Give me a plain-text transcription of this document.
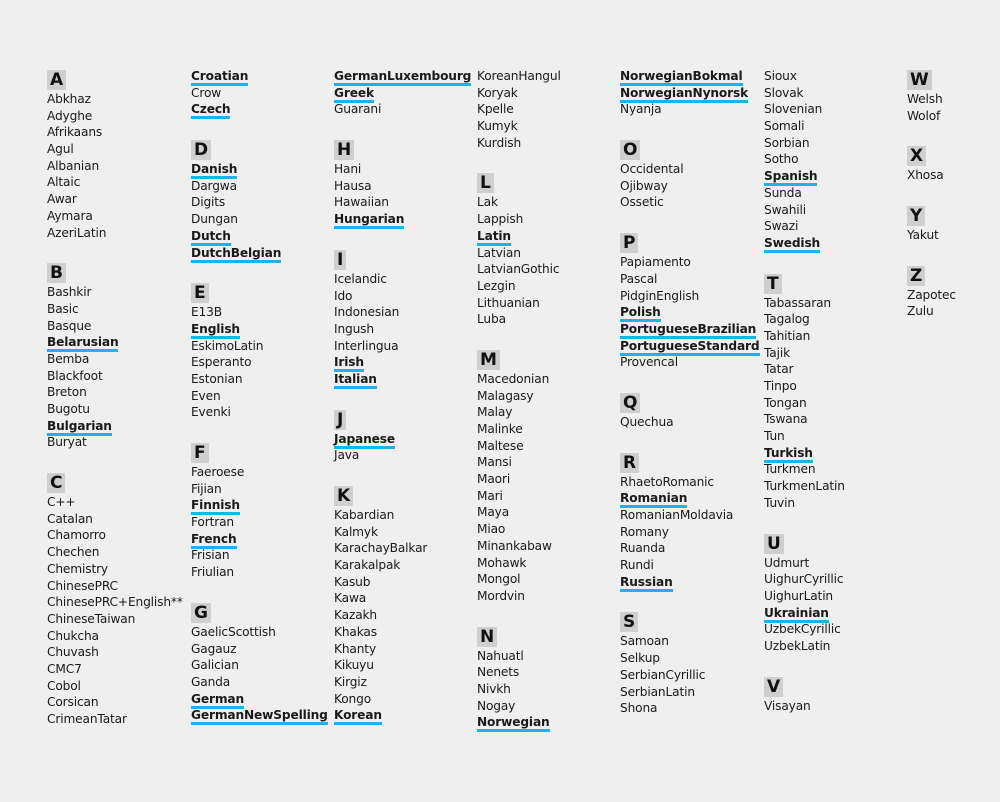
A
Abkhaz
Adyghe
Afrikaans
Agul
Albanian
Altaic
Awar
Aymara
AzeriLatin
B
Bashkir
Basic
Basque
Belarusian
Bemba
Blackfoot
Breton
Bugotu
Bulgarian
Buryat
C
C++
Catalan
Chamorro
Chechen
Chemistry
ChinesePRC
ChinesePRC+English**
ChineseTaiwan
Chukcha
Chuvash
CMC7
Cobol
Corsican
CrimeanTatar
Croatian
Crow
Czech
D
Danish
Dargwa
Digits
Dungan
Dutch
DutchBelgian
E
E13B
English
EskimoLatin
Esperanto
Estonian
Even
Evenki
F
Faeroese
Fijian
Finnish
Fortran
French
Frisian
Friulian
G
GaelicScottish
Gagauz
Galician
Ganda
German
GermanNewSpelling
GermanLuxembourg
Greek
Guarani
H
Hani
Hausa
Hawaiian
Hungarian
I
Icelandic
Ido
Indonesian
Ingush
Interlingua
Irish
Italian
J
Japanese
Java
K
Kabardian
Kalmyk
KarachayBalkar
Karakalpak
Kasub
Kawa
Kazakh
Khakas
Khanty
Kikuyu
Kirgiz
Kongo
Korean
KoreanHangul
Koryak
Kpelle
Kumyk
Kurdish
L
Lak
Lappish
Latin
Latvian
LatvianGothic
Lezgin
Lithuanian
Luba
M
Macedonian
Malagasy
Malay
Malinke
Maltese
Mansi
Maori
Mari
Maya
Miao
Minankabaw
Mohawk
Mongol
Mordvin
N
Nahuatl
Nenets
Nivkh
Nogay
Norwegian
NorwegianBokmal
NorwegianNynorsk
Nyanja
O
Occidental
Ojibway
Ossetic
P
Papiamento
Pascal
PidginEnglish
Polish
PortugueseBrazilian
PortugueseStandard
Provencal
Q
Quechua
R
RhaetoRomanic
Romanian
RomanianMoldavia
Romany
Ruanda
Rundi
Russian
S
Samoan
Selkup
SerbianCyrillic
SerbianLatin
Shona
Sioux
Slovak
Slovenian
Somali
Sorbian
Sotho
Spanish
Sunda
Swahili
Swazi
Swedish
T
Tabassaran
Tagalog
Tahitian
Tajik
Tatar
Tinpo
Tongan
Tswana
Tun
Turkish
Turkmen
TurkmenLatin
Tuvin
U
Udmurt
UighurCyrillic
UighurLatin
Ukrainian
UzbekCyrillic
UzbekLatin
V
Visayan
W
Welsh
Wolof
X
Xhosa
Y
Yakut
Z
Zapotec
Zulu
